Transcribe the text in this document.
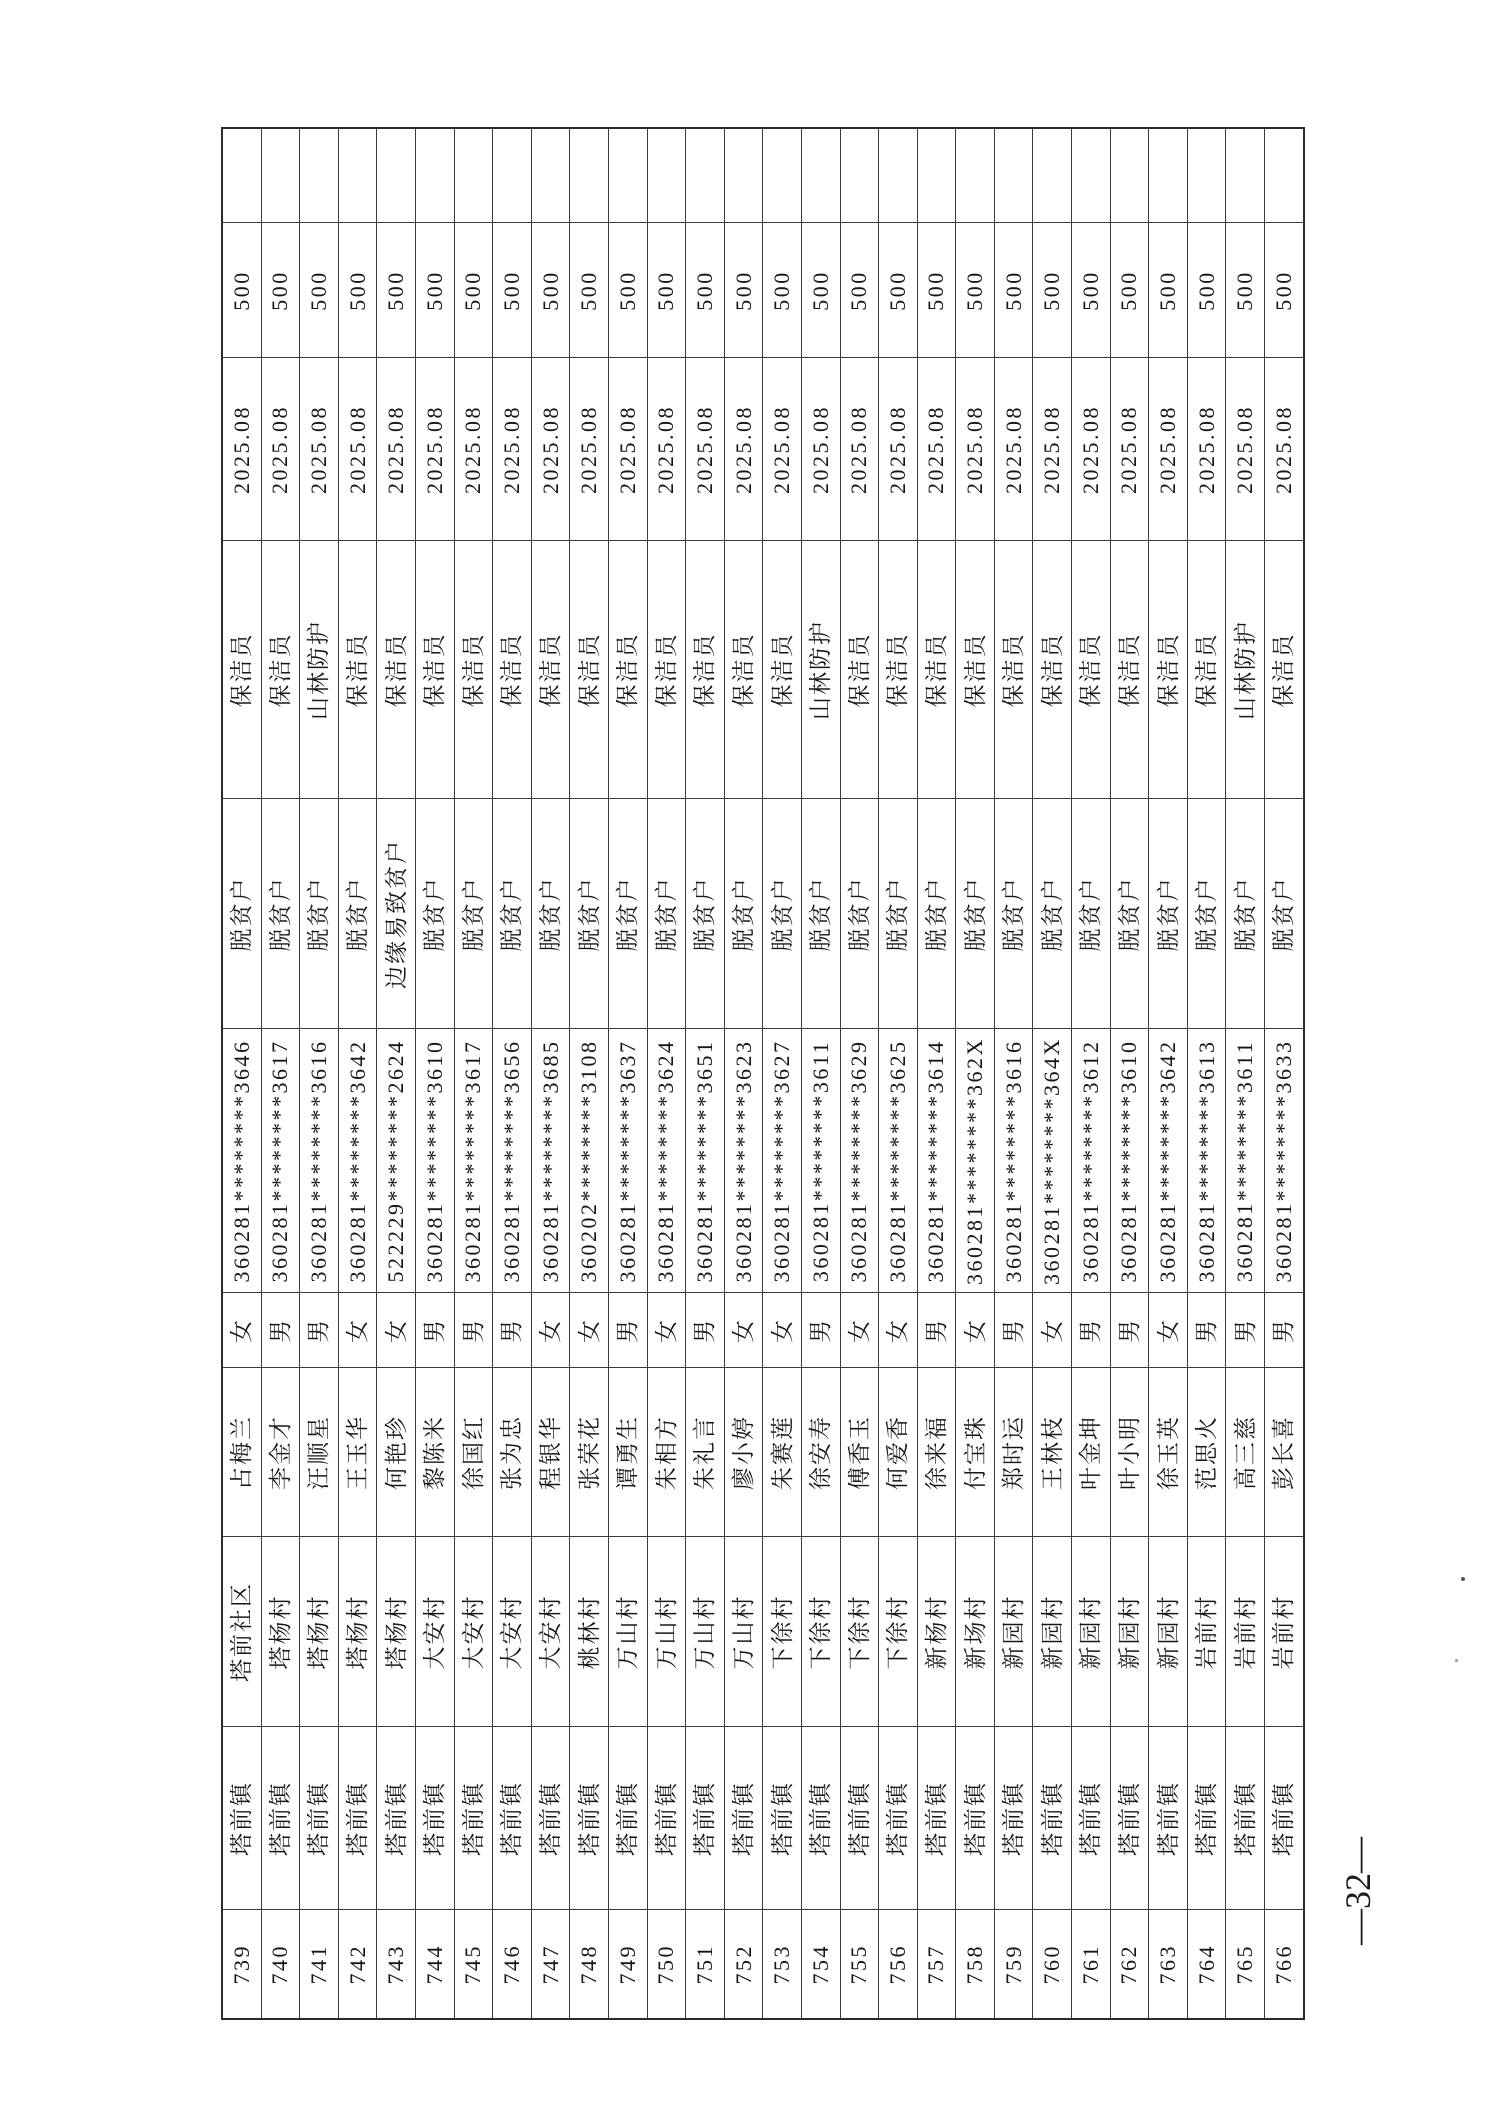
739	塔前镇	塔前社区	占梅兰	女	360281********3646	脱贫户	保洁员	2025.08	500	
740	塔前镇	塔杨村	李金才	男	360281********3617	脱贫户	保洁员	2025.08	500	
741	塔前镇	塔杨村	汪顺星	男	360281********3616	脱贫户	山林防护	2025.08	500	
742	塔前镇	塔杨村	王玉华	女	360281********3642	脱贫户	保洁员	2025.08	500	
743	塔前镇	塔杨村	何艳珍	女	522229********2624	边缘易致贫户	保洁员	2025.08	500	
744	塔前镇	大安村	黎陈米	男	360281********3610	脱贫户	保洁员	2025.08	500	
745	塔前镇	大安村	徐国红	男	360281********3617	脱贫户	保洁员	2025.08	500	
746	塔前镇	大安村	张为忠	男	360281********3656	脱贫户	保洁员	2025.08	500	
747	塔前镇	大安村	程银华	女	360281********3685	脱贫户	保洁员	2025.08	500	
748	塔前镇	桃林村	张荣花	女	360202********3108	脱贫户	保洁员	2025.08	500	
749	塔前镇	万山村	谭勇生	男	360281********3637	脱贫户	保洁员	2025.08	500	
750	塔前镇	万山村	朱相方	女	360281********3624	脱贫户	保洁员	2025.08	500	
751	塔前镇	万山村	朱礼言	男	360281********3651	脱贫户	保洁员	2025.08	500	
752	塔前镇	万山村	廖小婷	女	360281********3623	脱贫户	保洁员	2025.08	500	
753	塔前镇	下徐村	朱赛莲	女	360281********3627	脱贫户	保洁员	2025.08	500	
754	塔前镇	下徐村	徐安寿	男	360281********3611	脱贫户	山林防护	2025.08	500	
755	塔前镇	下徐村	傅香玉	女	360281********3629	脱贫户	保洁员	2025.08	500	
756	塔前镇	下徐村	何爱香	女	360281********3625	脱贫户	保洁员	2025.08	500	
757	塔前镇	新杨村	徐来福	男	360281********3614	脱贫户	保洁员	2025.08	500	
758	塔前镇	新场村	付宝珠	女	360281********362X	脱贫户	保洁员	2025.08	500	
759	塔前镇	新园村	郑时运	男	360281********3616	脱贫户	保洁员	2025.08	500	
760	塔前镇	新园村	王林枝	女	360281********364X	脱贫户	保洁员	2025.08	500	
761	塔前镇	新园村	叶金坤	男	360281********3612	脱贫户	保洁员	2025.08	500	
762	塔前镇	新园村	叶小明	男	360281********3610	脱贫户	保洁员	2025.08	500	
763	塔前镇	新园村	徐玉英	女	360281********3642	脱贫户	保洁员	2025.08	500	
764	塔前镇	岩前村	范思火	男	360281********3613	脱贫户	保洁员	2025.08	500	
765	塔前镇	岩前村	高三慈	男	360281********3611	脱贫户	山林防护	2025.08	500	
766	塔前镇	岩前村	彭长喜	男	360281********3633	脱贫户	保洁员	2025.08	500	
—32—
